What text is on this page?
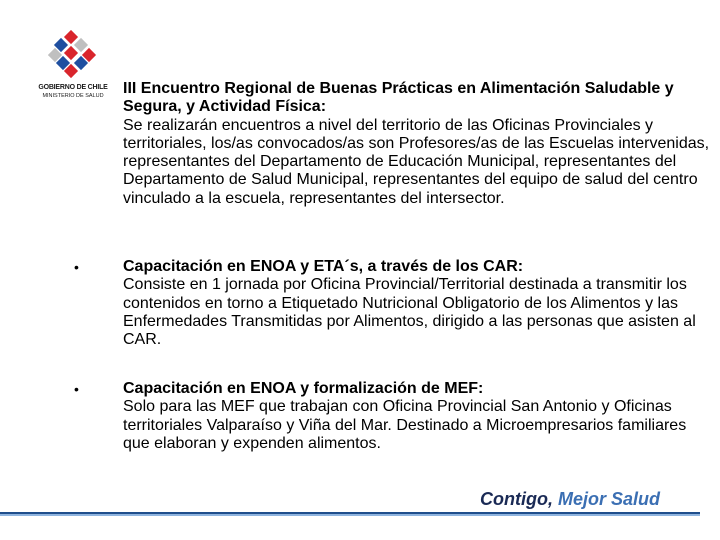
GOBIERNO DE CHILE
MINISTERIO DE SALUD	III Encuentro Regional de Buenas Prácticas en Alimentación Saludable y Segura, y Actividad Física:
Se realizarán encuentros a nivel del territorio de las Oficinas Provinciales y territoriales, los/as convocados/as son Profesores/as de las Escuelas intervenidas, representantes del Departamento de Educación Municipal, representantes del Departamento de Salud Municipal, representantes del equipo de salud del centro vinculado a la escuela, representantes del intersector.
•	Capacitación en ENOA y ETA´s, a través de los CAR:
Consiste en 1 jornada por Oficina Provincial/Territorial destinada a transmitir los contenidos en torno a Etiquetado Nutricional Obligatorio de los Alimentos y las Enfermedades Transmitidas por Alimentos, dirigido a las personas que asisten al CAR.
•	Capacitación en ENOA y formalización de MEF:
Solo para las MEF que trabajan con Oficina Provincial San Antonio y Oficinas territoriales Valparaíso y Viña del Mar. Destinado a Microempresarios familiares que elaboran y expenden alimentos.
Contigo, Mejor Salud
